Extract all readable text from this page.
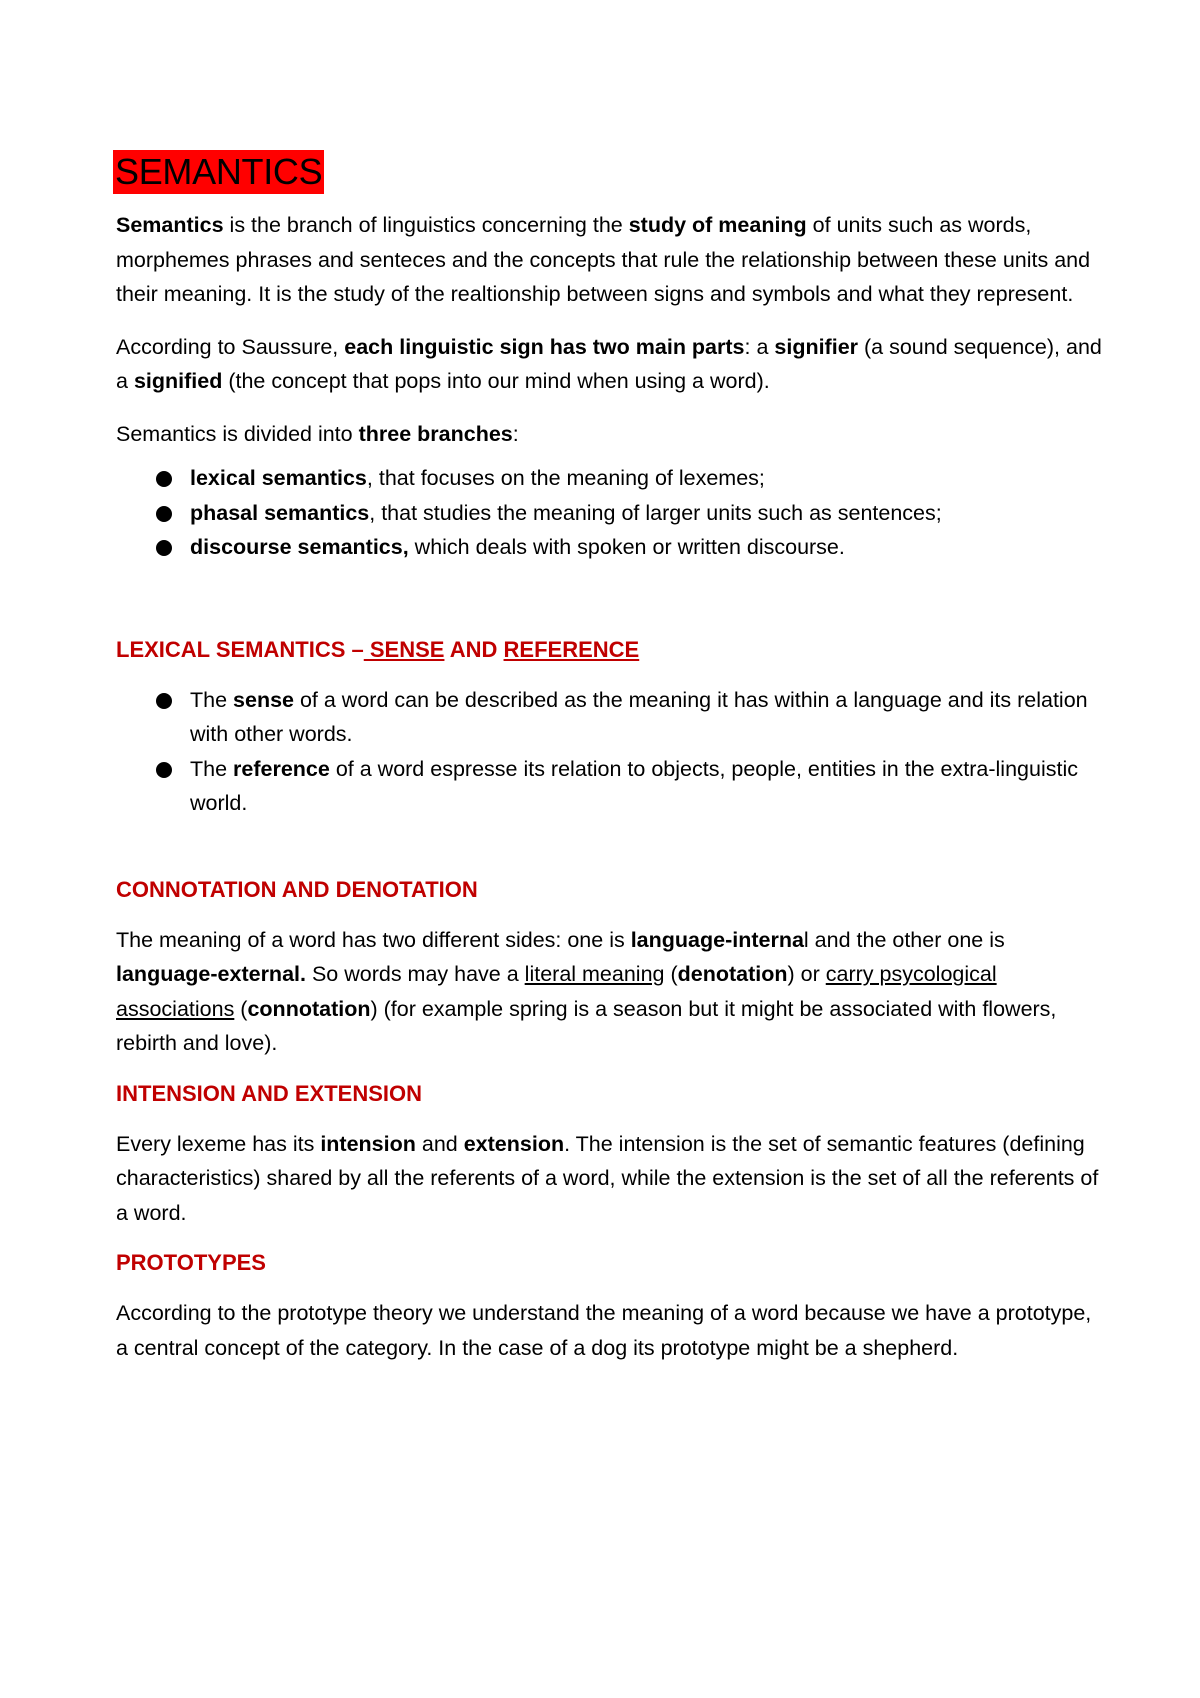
SEMANTICS

Semantics is the branch of linguistics concerning the study of meaning of units such as words, morphemes phrases and senteces and the concepts that rule the relationship between these units and their meaning. It is the study of the realtionship between signs and symbols and what they represent.

According to Saussure, each linguistic sign has two main parts: a signifier (a sound sequence), and a signified (the concept that pops into our mind when using a word).

Semantics is divided into three branches:

lexical semantics, that focuses on the meaning of lexemes;
phasal semantics, that studies the meaning of larger units such as sentences;
discourse semantics, which deals with spoken or written discourse.
LEXICAL SEMANTICS – SENSE AND REFERENCE
The sense of a word can be described as the meaning it has within a language and its relation with other words.
The reference of a word espresse its relation to objects, people, entities in the extra-linguistic world.
CONNOTATION AND DENOTATION

The meaning of a word has two different sides: one is language-internal and the other one is language-external. So words may have a literal meaning (denotation) or carry psycological associations (connotation) (for example spring is a season but it might be associated with flowers, rebirth and love).

INTENSION AND EXTENSION

Every lexeme has its intension and extension. The intension is the set of semantic features (defining characteristics) shared by all the referents of a word, while the extension is the set of all the referents of a word.

PROTOTYPES

According to the prototype theory we understand the meaning of a word because we have a prototype, a central concept of the category. In the case of a dog its prototype might be a shepherd.
